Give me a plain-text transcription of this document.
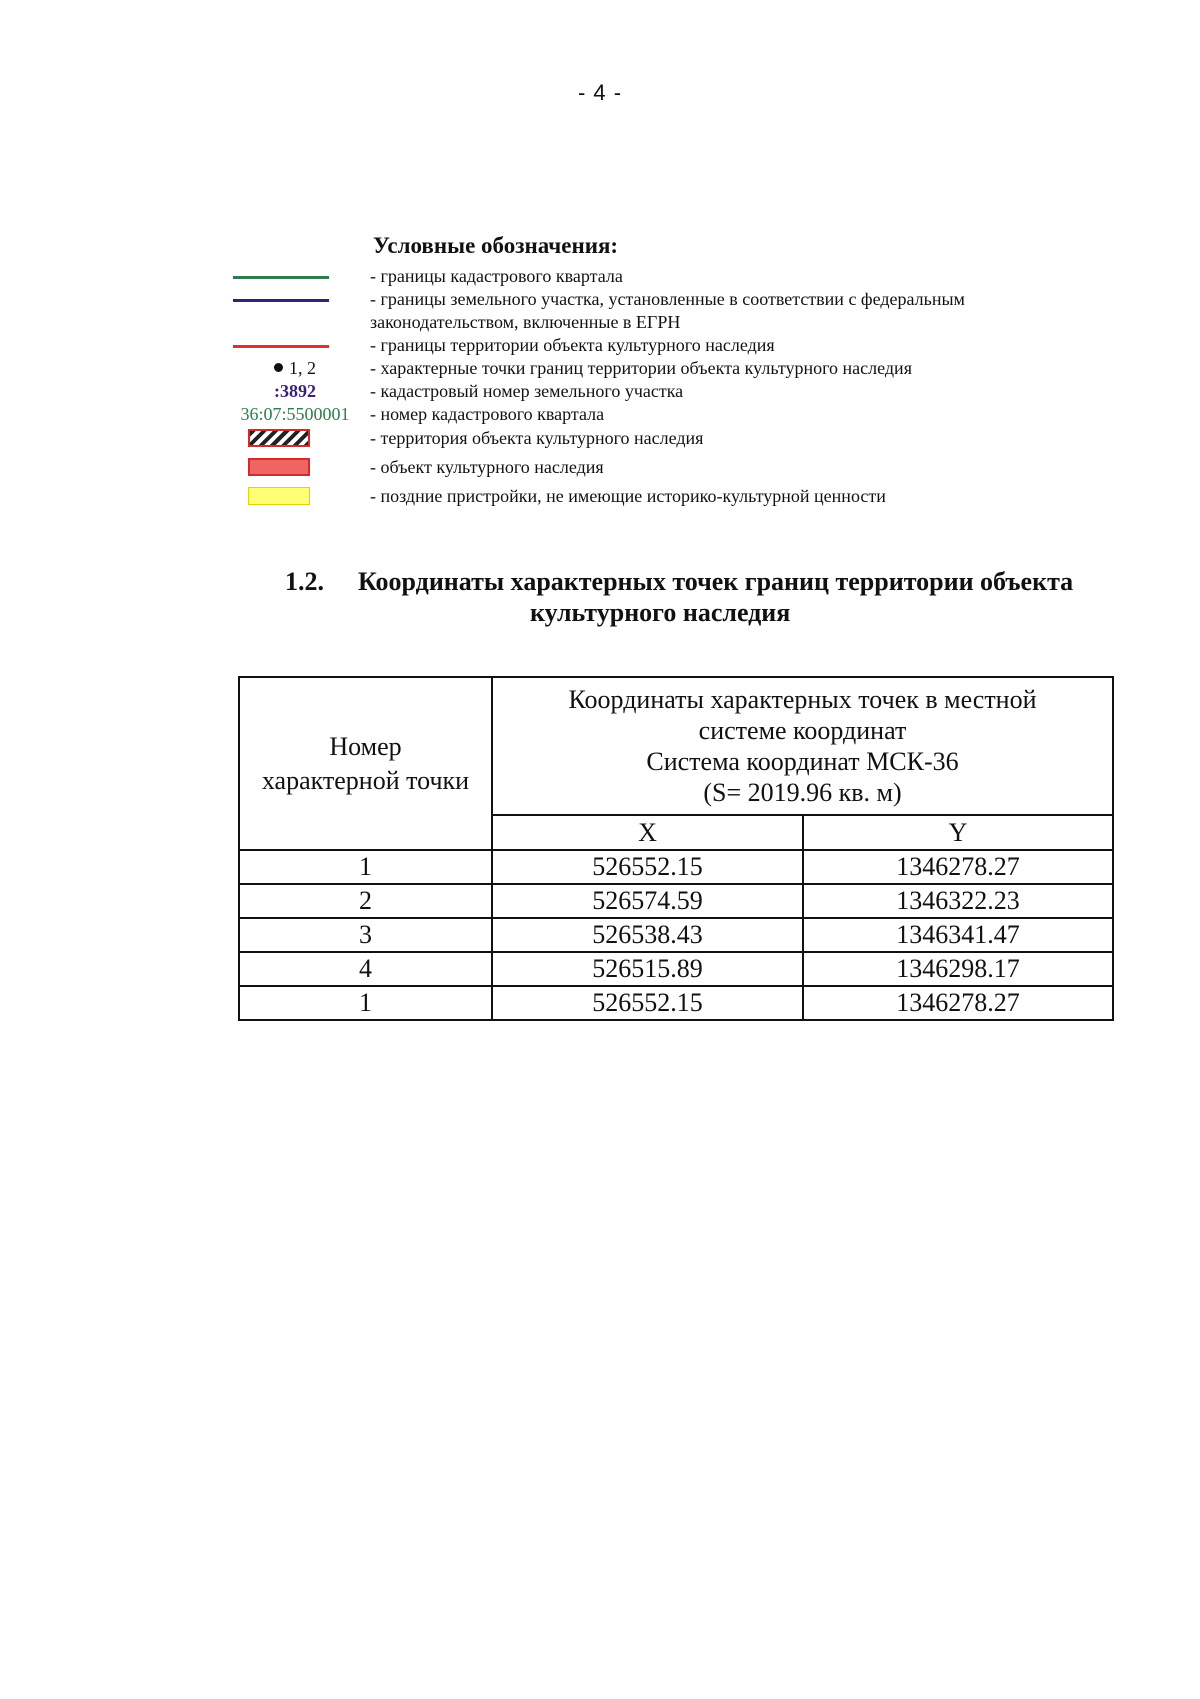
- 4 -
Условные обозначения:
- границы кадастрового квартала
- границы земельного участка, установленные в соответствии с федеральным
законодательством, включенные в ЕГРН
- границы территории объекта культурного наследия
1, 2	- характерные точки границ территории объекта культурного наследия
:3892	- кадастровый номер земельного участка
36:07:5500001	- номер кадастрового квартала
- территория объекта культурного наследия
- объект культурного наследия
- поздние пристройки, не имеющие историко-культурной ценности
1.2. Координаты характерных точек границ территории объекта
культурного наследия
Номер
характерной точки	Координаты характерных точек в местной
системе координат
Система координат МСК-36
(S= 2019.96 кв. м)	

	X	Y
1	526552.15	1346278.27
2	526574.59	1346322.23
3	526538.43	1346341.47
4	526515.89	1346298.17
1	526552.15	1346278.27
